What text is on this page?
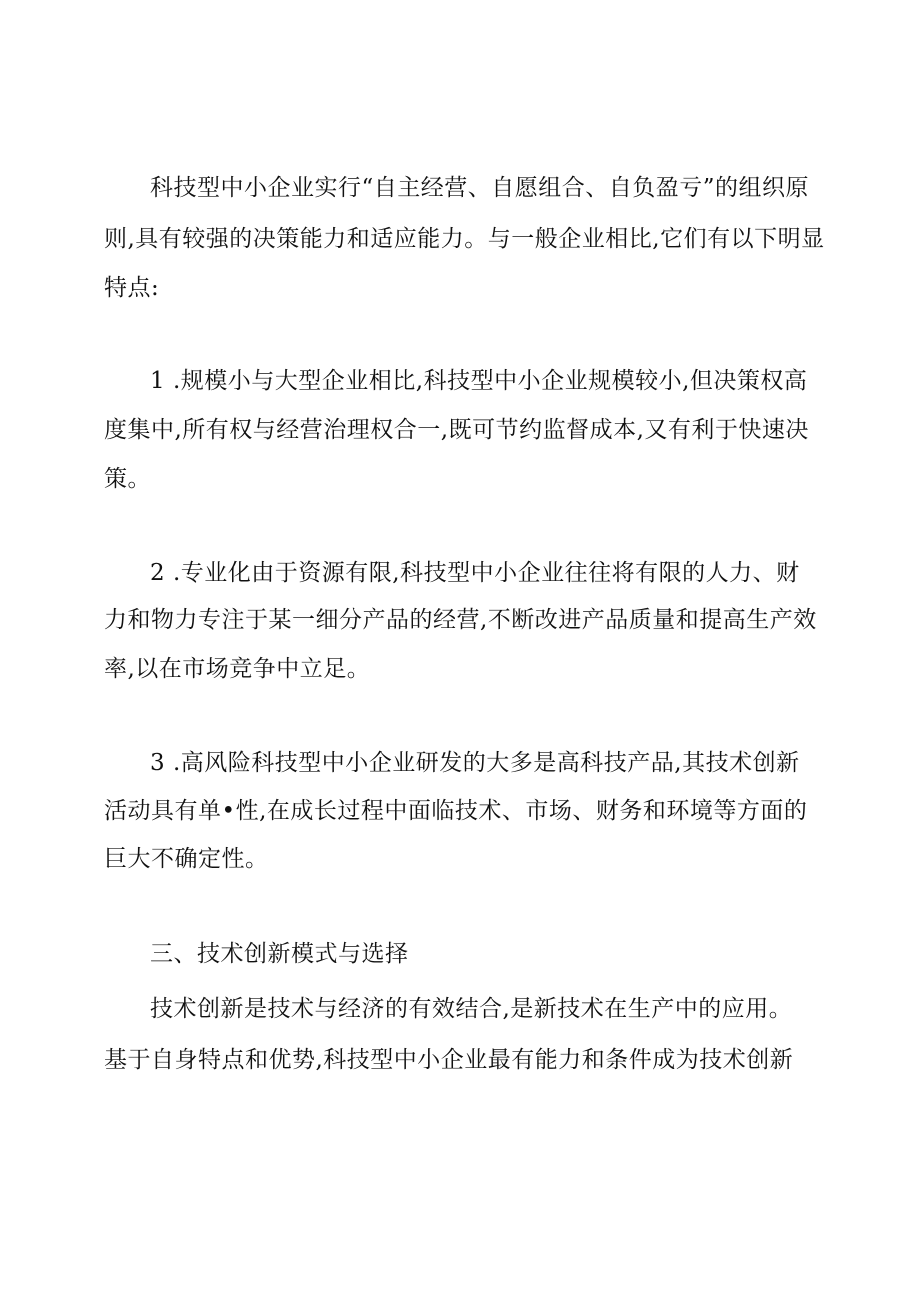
科技型中小企业实行“自主经营、自愿组合、自负盈亏”的组织原
则,具有较强的决策能力和适应能力。与一般企业相比,它们有以下明显
特点:
1 .规模小与大型企业相比,科技型中小企业规模较小,但决策权高
度集中,所有权与经营治理权合一,既可节约监督成本,又有利于快速决
策。
2 .专业化由于资源有限,科技型中小企业往往将有限的人力、财
力和物力专注于某一细分产品的经营,不断改进产品质量和提高生产效
率,以在市场竞争中立足。
3 .高风险科技型中小企业研发的大多是高科技产品,其技术创新
活动具有单•性,在成长过程中面临技术、市场、财务和环境等方面的
巨大不确定性。
三、技术创新模式与选择
技术创新是技术与经济的有效结合,是新技术在生产中的应用。
基于自身特点和优势,科技型中小企业最有能力和条件成为技术创新
